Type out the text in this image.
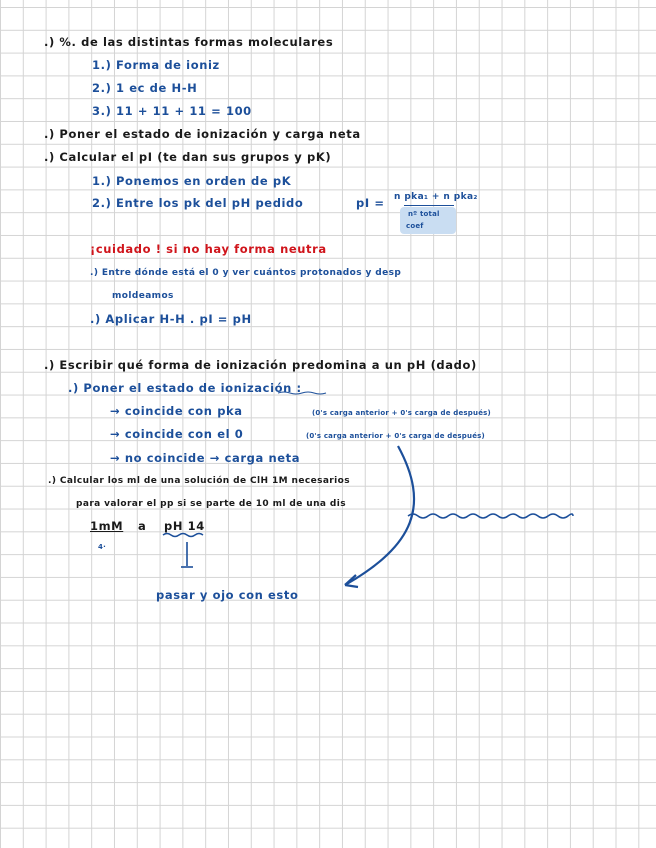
.) %. de las distintas formas moleculares
1.) Forma de ioniz
2.) 1 ec de H-H
3.) 11 + 11 + 11 = 100
.) Poner el estado de ionización y carga neta
.) Calcular el pI (te dan sus grupos y pK)
1.) Ponemos en orden de pK
2.) Entre los pk del pH pedido	pI = n pka₁ + n pka₂
nº total
coef
¡cuidado ! si no hay forma neutra
.) Entre dónde está el 0 y ver cuántos protonados y desp
moldeamos
.) Aplicar H-H . pI = pH
.) Escribir qué forma de ionización predomina a un pH (dado)
.) Poner el estado de ionización :
→ coincide con pka	(0's carga anterior + 0's carga de después)
→ coincide con el 0	(0's carga anterior + 0's carga de después)
→ no coincide → carga neta
.) Calcular los ml de una solución de ClH 1M necesarios
para valorar el pp si se parte de 10 ml de una dis
1mM a pH 14
4·
pasar y ojo con esto
